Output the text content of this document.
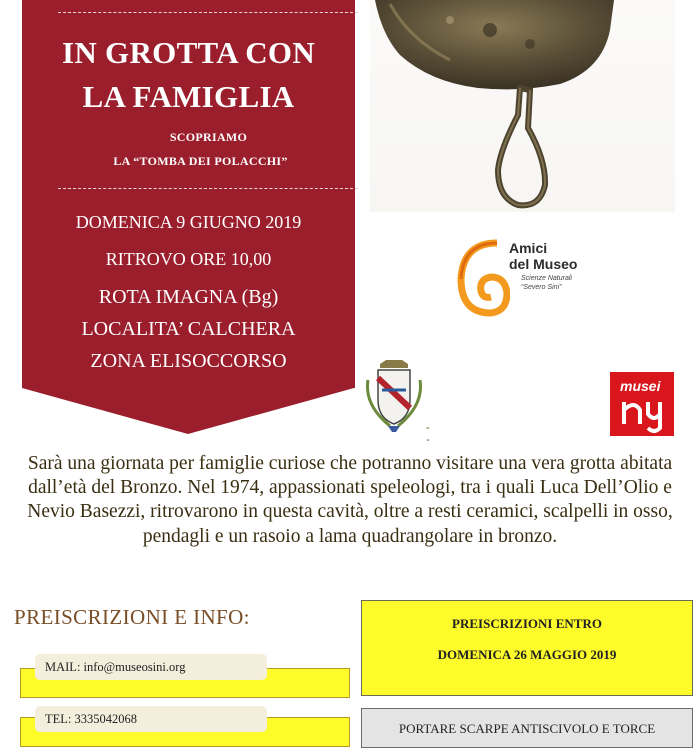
IN GROTTA CON
LA FAMIGLIA
SCOPRIAMO
LA “TOMBA DEI POLACCHI”
DOMENICA 9 GIUGNO 2019
RITROVO ORE 10,00
ROTA IMAGNA (Bg)
LOCALITA’ CALCHERA
ZONA ELISOCCORSO
Amici
del Museo
Scienze Naturali
“Severo Sini”
--
musei
Sarà una giornata per famiglie curiose che potranno visitare una vera grotta abitata dall’età del Bronzo. Nel 1974, appassionati speleologi, tra i quali Luca Dell’Olio e Nevio Basezzi, ritrovarono in questa cavità, oltre a resti ceramici, scalpelli in osso, pendagli e un rasoio a lama quadrangolare in bronzo.
PREISCRIZIONI E INFO:
MAIL: info@museosini.org
TEL: 3335042068
PREISCRIZIONI ENTRO
DOMENICA 26 MAGGIO 2019
PORTARE SCARPE ANTISCIVOLO E TORCE
